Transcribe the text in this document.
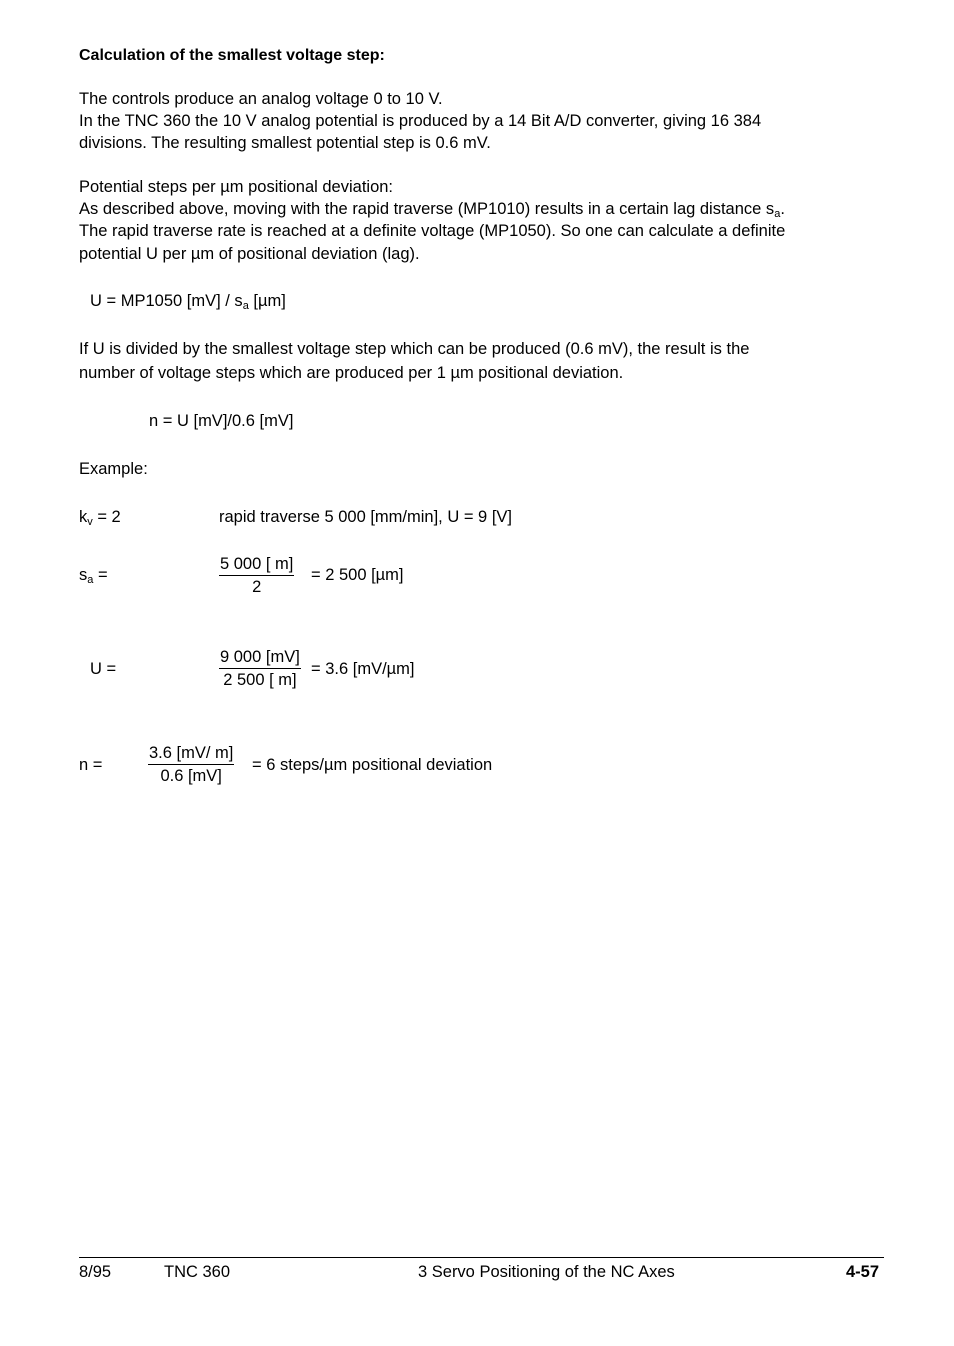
Calculation of the smallest voltage step:
The controls produce an analog voltage 0 to 10 V.
In the TNC 360 the 10 V analog potential is produced by a 14 Bit A/D converter, giving 16 384
divisions. The resulting smallest potential step is 0.6 mV.
Potential steps per µm positional deviation:
As described above, moving with the rapid traverse (MP1010) results in a certain lag distance $s_a$.
The rapid traverse rate is reached at a definite voltage (MP1050). So one can calculate a definite
potential U per µm of positional deviation (lag).
U = MP1050 $[mV] / s_a$ [µm]
If U is divided by the smallest voltage step which can be produced (0.6 mV), the result is the
number of voltage steps which are produced per 1 µm positional deviation.
n = U [mV]/0.6 [mV]
Example:
$k_v = 2$	rapid traverse 5 000 [mm/min], U = 9 [V]
$s_a$ =	$\frac{5 000 [ m]}{2} = 2$ 500 [µm]
U =	$\frac{9 000 [mV]}{2 500 [ m]} = 3.6$ [mV/µm]
n =	$\frac{3.6 [mV/ m]}{0.6 [mV]} = 6$ steps/µm positional deviation
8/95	TNC 360	3 Servo Positioning of the NC Axes	4-57
